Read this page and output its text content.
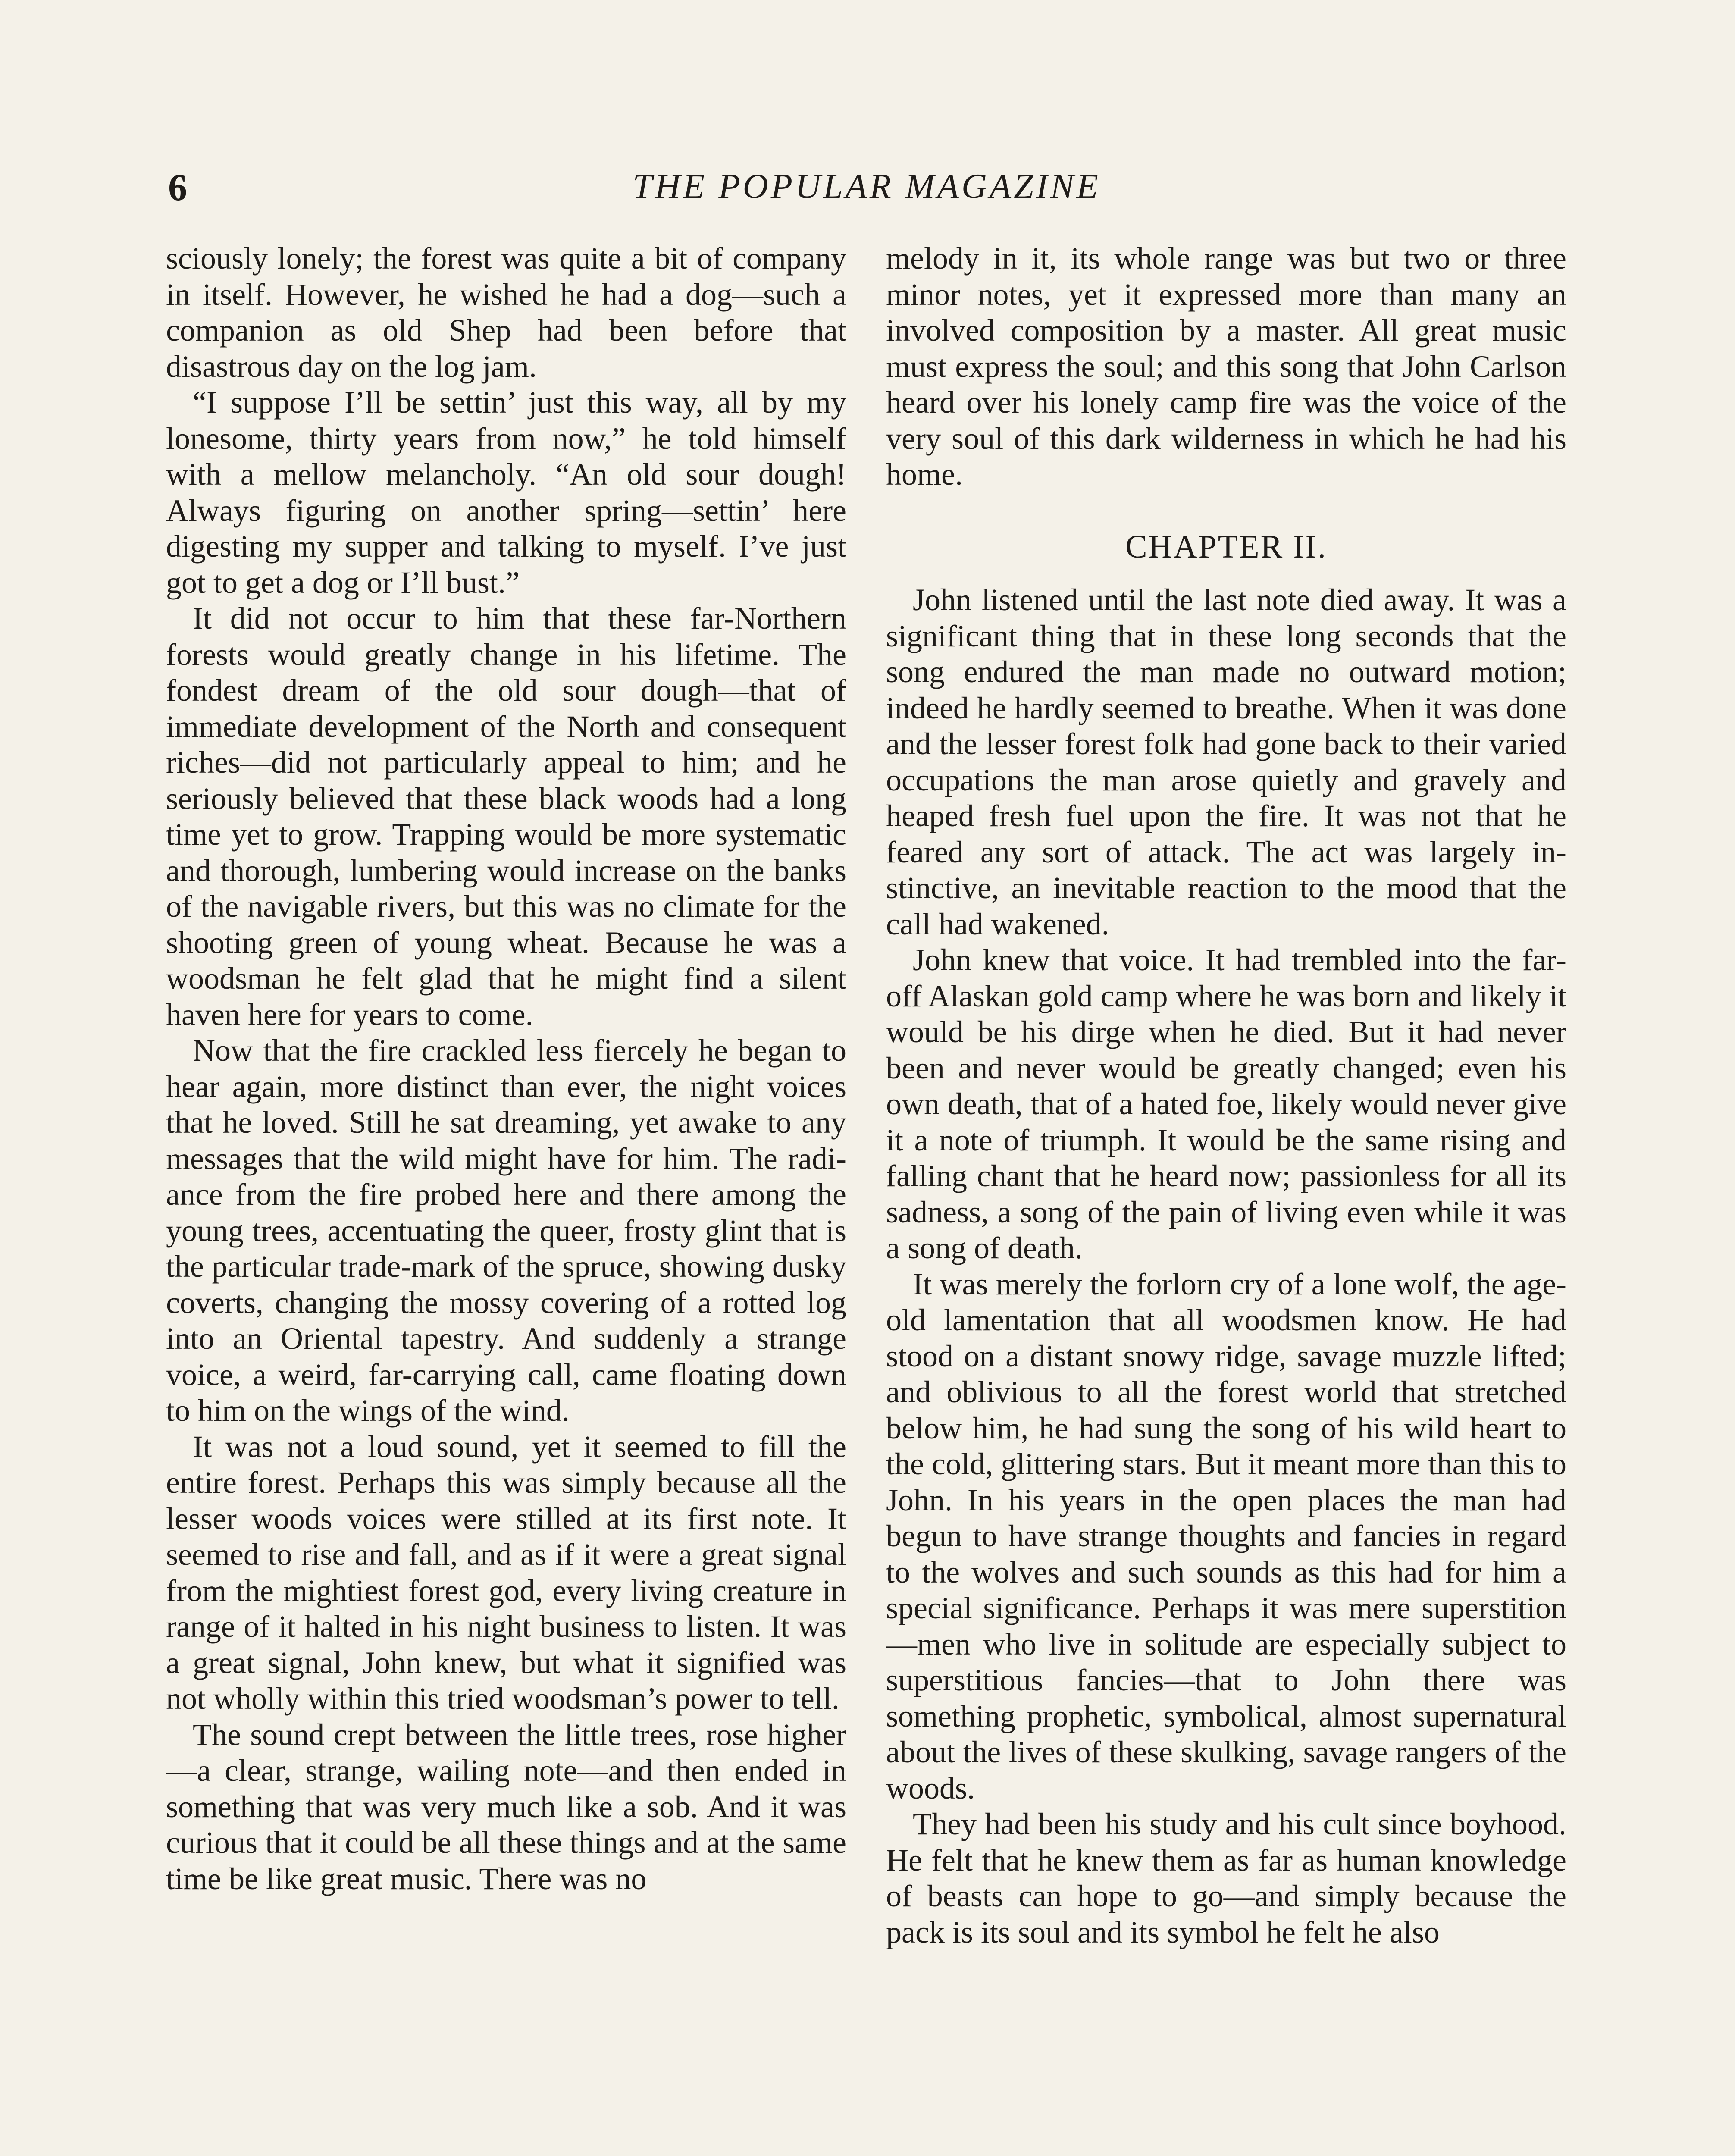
6	THE POPULAR MAGAZINE

sciously lonely; the forest was quite a bit of company in itself. However, he wished he had a dog—such a companion as old Shep had been before that disastrous day on the log jam.

“I suppose I’ll be settin’ just this way, all by my lonesome, thirty years from now,” he told himself with a mellow melancholy. “An old sour dough! Always figuring on another spring—settin’ here digesting my supper and talking to myself. I’ve just got to get a dog or I’ll bust.”

It did not occur to him that these far-Northern forests would greatly change in his lifetime. The fondest dream of the old sour dough—that of immediate development of the North and consequent riches—did not particularly appeal to him; and he seriously believed that these black woods had a long time yet to grow. Trapping would be more systematic and thorough, lumbering would increase on the banks of the navigable rivers, but this was no climate for the shooting green of young wheat. Because he was a woodsman he felt glad that he might find a silent haven here for years to come.

Now that the fire crackled less fiercely he began to hear again, more distinct than ever, the night voices that he loved. Still he sat dreaming, yet awake to any messages that the wild might have for him. The radiance from the fire probed here and there among the young trees, accentuating the queer, frosty glint that is the particular trade-mark of the spruce, showing dusky coverts, changing the mossy covering of a rotted log into an Oriental tapestry. And suddenly a strange voice, a weird, far-carrying call, came floating down to him on the wings of the wind.

It was not a loud sound, yet it seemed to fill the entire forest. Perhaps this was simply because all the lesser woods voices were stilled at its first note. It seemed to rise and fall, and as if it were a great signal from the mightiest forest god, every living creature in range of it halted in his night business to listen. It was a great signal, John knew, but what it signified was not wholly within this tried woodsman’s power to tell.

The sound crept between the little trees, rose higher—a clear, strange, wailing note—and then ended in something that was very much like a sob. And it was curious that it could be all these things and at the same time be like great music. There was no

melody in it, its whole range was but two or three minor notes, yet it expressed more than many an involved composition by a master. All great music must express the soul; and this song that John Carlson heard over his lonely camp fire was the voice of the very soul of this dark wilderness in which he had his home.

CHAPTER II.

John listened until the last note died away. It was a significant thing that in these long seconds that the song endured the man made no outward motion; indeed he hardly seemed to breathe. When it was done and the lesser forest folk had gone back to their varied occupations the man arose quietly and gravely and heaped fresh fuel upon the fire. It was not that he feared any sort of attack. The act was largely instinctive, an inevitable reaction to the mood that the call had wakened.

John knew that voice. It had trembled into the far-off Alaskan gold camp where he was born and likely it would be his dirge when he died. But it had never been and never would be greatly changed; even his own death, that of a hated foe, likely would never give it a note of triumph. It would be the same rising and falling chant that he heard now; passionless for all its sadness, a song of the pain of living even while it was a song of death.

It was merely the forlorn cry of a lone wolf, the age-old lamentation that all woodsmen know. He had stood on a distant snowy ridge, savage muzzle lifted; and oblivious to all the forest world that stretched below him, he had sung the song of his wild heart to the cold, glittering stars. But it meant more than this to John. In his years in the open places the man had begun to have strange thoughts and fancies in regard to the wolves and such sounds as this had for him a special significance. Perhaps it was mere superstition—men who live in solitude are especially subject to superstitious fancies—that to John there was something prophetic, symbolical, almost supernatural about the lives of these skulking, savage rangers of the woods.

They had been his study and his cult since boyhood. He felt that he knew them as far as human knowledge of beasts can hope to go—and simply because the pack is its soul and its symbol he felt he also
